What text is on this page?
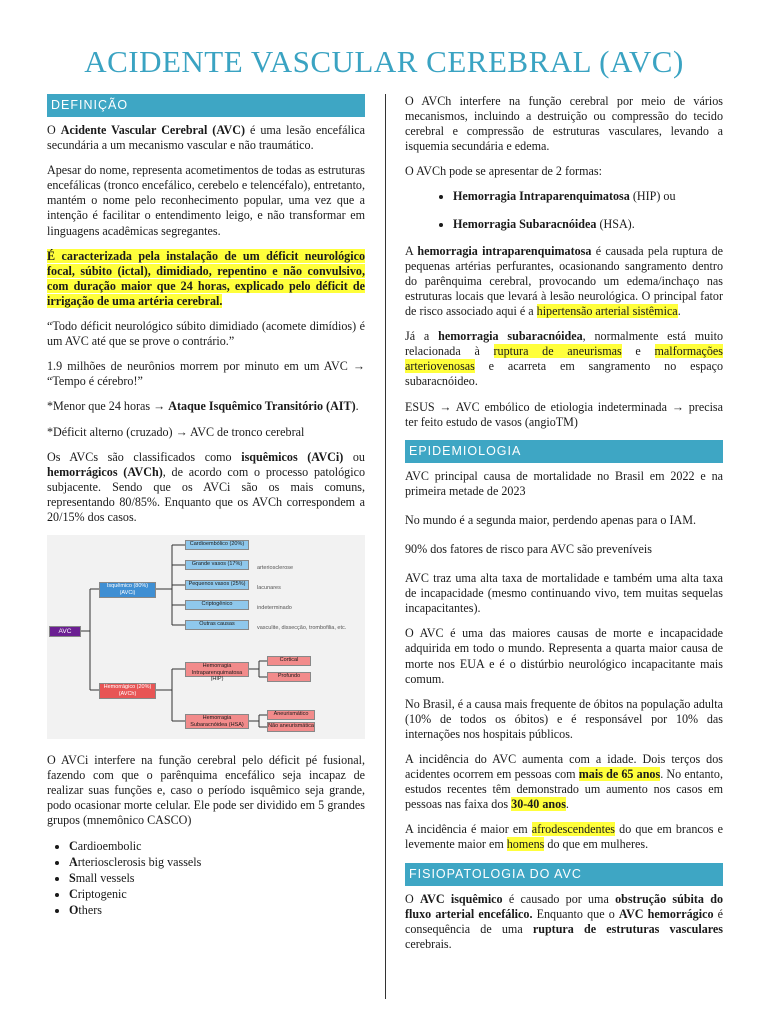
ACIDENTE VASCULAR CEREBRAL (AVC)
DEFINIÇÃO

O Acidente Vascular Cerebral (AVC) é uma lesão encefálica secundária a um mecanismo vascular e não traumático.

Apesar do nome, representa acometimentos de todas as estruturas encefálicas (tronco encefálico, cerebelo e telencéfalo), entretanto, mantém o nome pelo reconhecimento popular, uma vez que a intenção é facilitar o entendimento leigo, e não transformar em linguagens acadêmicas segregantes.

É caracterizada pela instalação de um déficit neurológico focal, súbito (ictal), dimidiado, repentino e não convulsivo, com duração maior que 24 horas, explicado pelo déficit de irrigação de uma artéria cerebral.

“Todo déficit neurológico súbito dimidiado (acomete dimídios) é um AVC até que se prove o contrário.”

1.9 milhões de neurônios morrem por minuto em um AVC → “Tempo é cérebro!”

*Menor que 24 horas → Ataque Isquêmico Transitório (AIT).

*Déficit alterno (cruzado) → AVC de tronco cerebral

Os AVCs são classificados como isquêmicos (AVCi) ou hemorrágicos (AVCh), de acordo com o processo patológico subjacente. Sendo que os AVCi são os mais comuns, representando 80/85%. Enquanto que os AVCh correspondem a 20/15% dos casos.

AVC
Isquêmico (80%) (AVCi)
Hemorrágico (20%) (AVCh)
Cardioembólico (20%)
Grande vasos (17%)
Pequenos vasos (25%)
Criptogênico
Outras causas
arteriosclerose
lacunares
indeterminado
vasculite, dissecção, trombofilia, etc.
Hemorragia Intraparenquimatosa (HIP)
Hemorragia Subaracnóidea (HSA)
Cortical
Profundo
Aneurismático
Não aneurismática

O AVCi interfere na função cerebral pelo déficit pé fusional, fazendo com que o parênquima encefálico seja incapaz de realizar suas funções e, caso o período isquêmico seja grande, podo ocasionar morte celular. Ele pode ser dividido em 5 grandes grupos (mnemônico CASCO)

• Cardioembolic
• Arteriosclerosis big vassels
• Small vessels
• Criptogenic
• Others

O AVCh interfere na função cerebral por meio de vários mecanismos, incluindo a destruição ou compressão do tecido cerebral e compressão de estruturas vasculares, levando a isquemia secundária e edema.

O AVCh pode se apresentar de 2 formas:

• Hemorragia Intraparenquimatosa (HIP) ou
• Hemorragia Subaracnóidea (HSA).

A hemorragia intraparenquimatosa é causada pela ruptura de pequenas artérias perfurantes, ocasionando sangramento dentro do parênquima cerebral, provocando um edema/inchaço nas estruturas locais que levará à lesão neurológica. O principal fator de risco associado aqui é a hipertensão arterial sistêmica.

Já a hemorragia subaracnóidea, normalmente está muito relacionada à ruptura de aneurismas e malformações arteriovenosas e acarreta em sangramento no espaço subaracnóideo.

ESUS → AVC embólico de etiologia indeterminada → precisa ter feito estudo de vasos (angioTM)

EPIDEMIOLOGIA

AVC principal causa de mortalidade no Brasil em 2022 e na primeira metade de 2023

No mundo é a segunda maior, perdendo apenas para o IAM.

90% dos fatores de risco para AVC são preveníveis

AVC traz uma alta taxa de mortalidade e também uma alta taxa de incapacidade (mesmo continuando vivo, tem muitas sequelas incapacitantes).

O AVC é uma das maiores causas de morte e incapacidade adquirida em todo o mundo. Representa a quarta maior causa de morte nos EUA e é o distúrbio neurológico incapacitante mais comum.

No Brasil, é a causa mais frequente de óbitos na população adulta (10% de todos os óbitos) e é responsável por 10% das internações nos hospitais públicos.

A incidência do AVC aumenta com a idade. Dois terços dos acidentes ocorrem em pessoas com mais de 65 anos. No entanto, estudos recentes têm demonstrado um aumento nos casos em pessoas nas faixa dos 30-40 anos.

A incidência é maior em afrodescendentes do que em brancos e levemente maior em homens do que em mulheres.

FISIOPATOLOGIA DO AVC

O AVC isquêmico é causado por uma obstrução súbita do fluxo arterial encefálico. Enquanto que o AVC hemorrágico é consequência de uma ruptura de estruturas vasculares cerebrais.
